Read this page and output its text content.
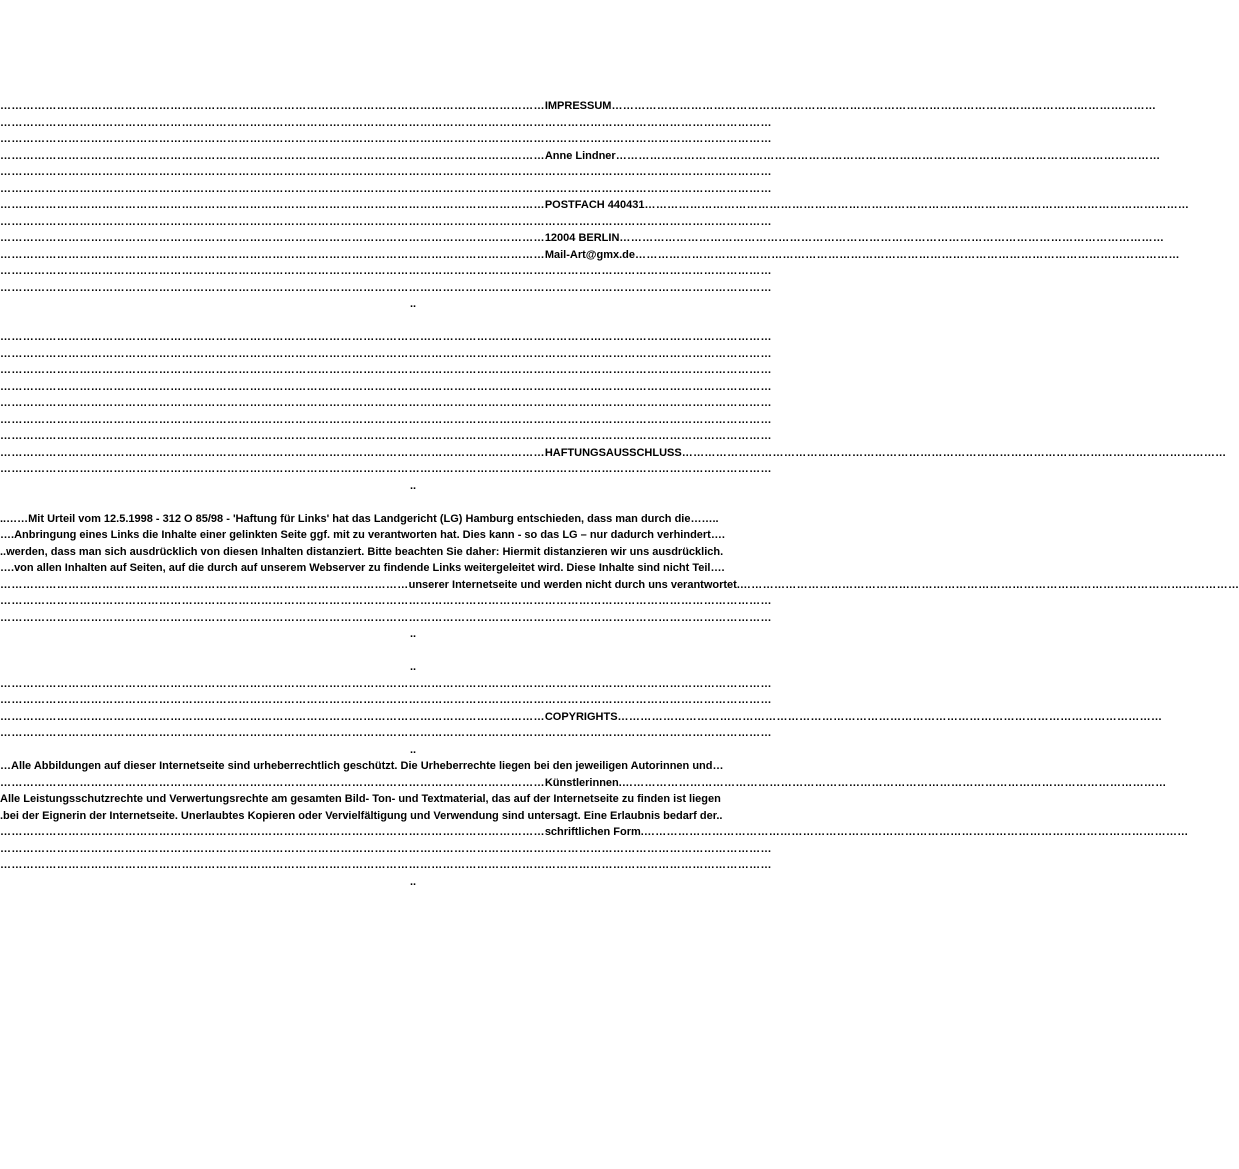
……………………………………………………………………………………………………………………………… IMPRESSUM ………………………………………………………………………………………………………………………………
……………………………………………………………………………………………………………………………………………………………………………………
……………………………………………………………………………………………………………………………………………………………………………………
……………………………………………………………………………………………………………………………… Anne Lindner ………………………………………………………………………………………………………………………………
……………………………………………………………………………………………………………………………………………………………………………………
……………………………………………………………………………………………………………………………………………………………………………………
……………………………………………………………………………………………………………………………… POSTFACH 440431 ………………………………………………………………………………………………………………………………
……………………………………………………………………………………………………………………………………………………………………………………
……………………………………………………………………………………………………………………………… 12004 BERLIN ………………………………………………………………………………………………………………………………
……………………………………………………………………………………………………………………………… Mail-Art@gmx.de ………………………………………………………………………………………………………………………………
……………………………………………………………………………………………………………………………………………………………………………………
……………………………………………………………………………………………………………………………………………………………………………………
..
……………………………………………………………………………………………………………………………………………………………………………………
……………………………………………………………………………………………………………………………………………………………………………………
……………………………………………………………………………………………………………………………………………………………………………………
……………………………………………………………………………………………………………………………………………………………………………………
……………………………………………………………………………………………………………………………………………………………………………………
……………………………………………………………………………………………………………………………………………………………………………………
……………………………………………………………………………………………………………………………………………………………………………………
……………………………………………………………………………………………………………………………… HAFTUNGSAUSSCHLUSS ………………………………………………………………………………………………………………………………
……………………………………………………………………………………………………………………………………………………………………………………
..
..…… Mit Urteil vom 12.5.1998 - 312 O 85/98 - 'Haftung für Links' hat das Landgericht (LG) Hamburg entschieden, dass man durch die ……..
…. Anbringung eines Links die Inhalte einer gelinkten Seite ggf. mit zu verantworten hat. Dies kann - so das LG – nur dadurch verhindert ….
.. werden, dass man sich ausdrücklich von diesen Inhalten distanziert. Bitte beachten Sie daher: Hiermit distanzieren wir uns ausdrücklich.
…. von allen Inhalten auf Seiten, auf die durch auf unserem Webserver zu findende Links weitergeleitet wird. Diese Inhalte sind nicht Teil ….
……………………………………………………………………………………………… unserer Internetseite und werden nicht durch uns verantwortet. ……………………………………………………………………………………………………………………
……………………………………………………………………………………………………………………………………………………………………………………
……………………………………………………………………………………………………………………………………………………………………………………
..
..
……………………………………………………………………………………………………………………………………………………………………………………
……………………………………………………………………………………………………………………………………………………………………………………
……………………………………………………………………………………………………………………………… COPYRIGHTS ………………………………………………………………………………………………………………………………
……………………………………………………………………………………………………………………………………………………………………………………
..
… Alle Abbildungen auf dieser Internetseite sind urheberrechtlich geschützt. Die Urheberrechte liegen bei den jeweiligen Autorinnen und …
……………………………………………………………………………………………………………………………… Künstlerinnen. ………………………………………………………………………………………………………………………………
Alle Leistungsschutzrechte und Verwertungsrechte am gesamten Bild- Ton- und Textmaterial, das auf der Internetseite zu finden ist liegen
.bei der Eignerin der Internetseite. Unerlaubtes Kopieren oder Vervielfältigung und Verwendung sind untersagt. Eine Erlaubnis bedarf der..
……………………………………………………………………………………………………………………………… schriftlichen Form. ………………………………………………………………………………………………………………………………
……………………………………………………………………………………………………………………………………………………………………………………
……………………………………………………………………………………………………………………………………………………………………………………
..
